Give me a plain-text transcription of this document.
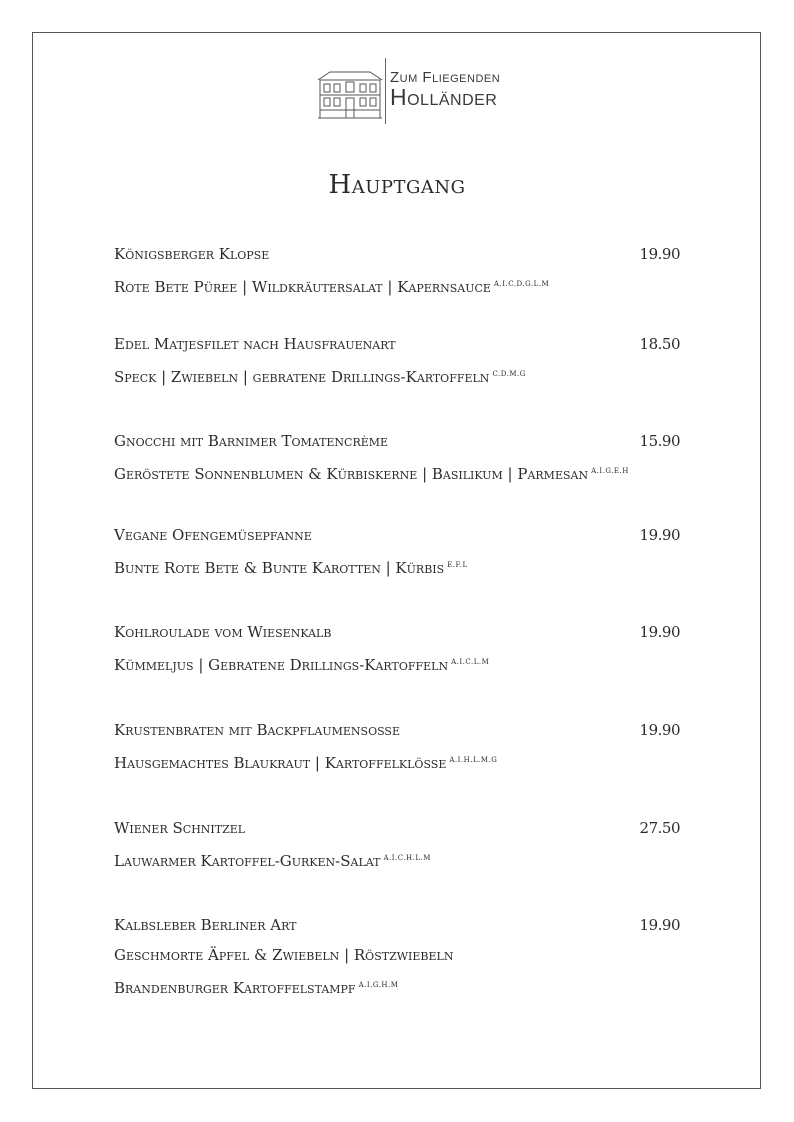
Zum Fliegenden
Holländer
Hauptgang
Königsberger Klopse	19.90
Rote Bete Püree | Wildkräutersalat | Kapernsauce $^{A.I.C.D.G.L.M}$
Edel Matjesfilet nach Hausfrauenart	18.50
Speck | Zwiebeln | gebratene Drillings-Kartoffeln $^{C.D.M.G}$
Gnocchi mit Barnimer Tomatencrème	15.90
Geröstete Sonnenblumen & Kürbiskerne | Basilikum | Parmesan $^{A.I.G.E.H}$
Vegane Ofengemüsepfanne	19.90
Bunte Rote Bete & Bunte Karotten | Kürbis $^{E.F.L}$
Kohlroulade vom Wiesenkalb	19.90
Kümmeljus | Gebratene Drillings-Kartoffeln $^{A.I.C.L.M}$
Krustenbraten mit Backpflaumensoße	19.90
Hausgemachtes Blaukraut | Kartoffelklöße $^{A.I.H.L.M.G}$
Wiener Schnitzel	27.50
Lauwarmer Kartoffel-Gurken-Salat $^{A.I.C.H.L.M}$
Kalbsleber Berliner Art	19.90
Geschmorte Äpfel & Zwiebeln | Röstzwiebeln
Brandenburger Kartoffelstampf $^{A.I.G.H.M}$
